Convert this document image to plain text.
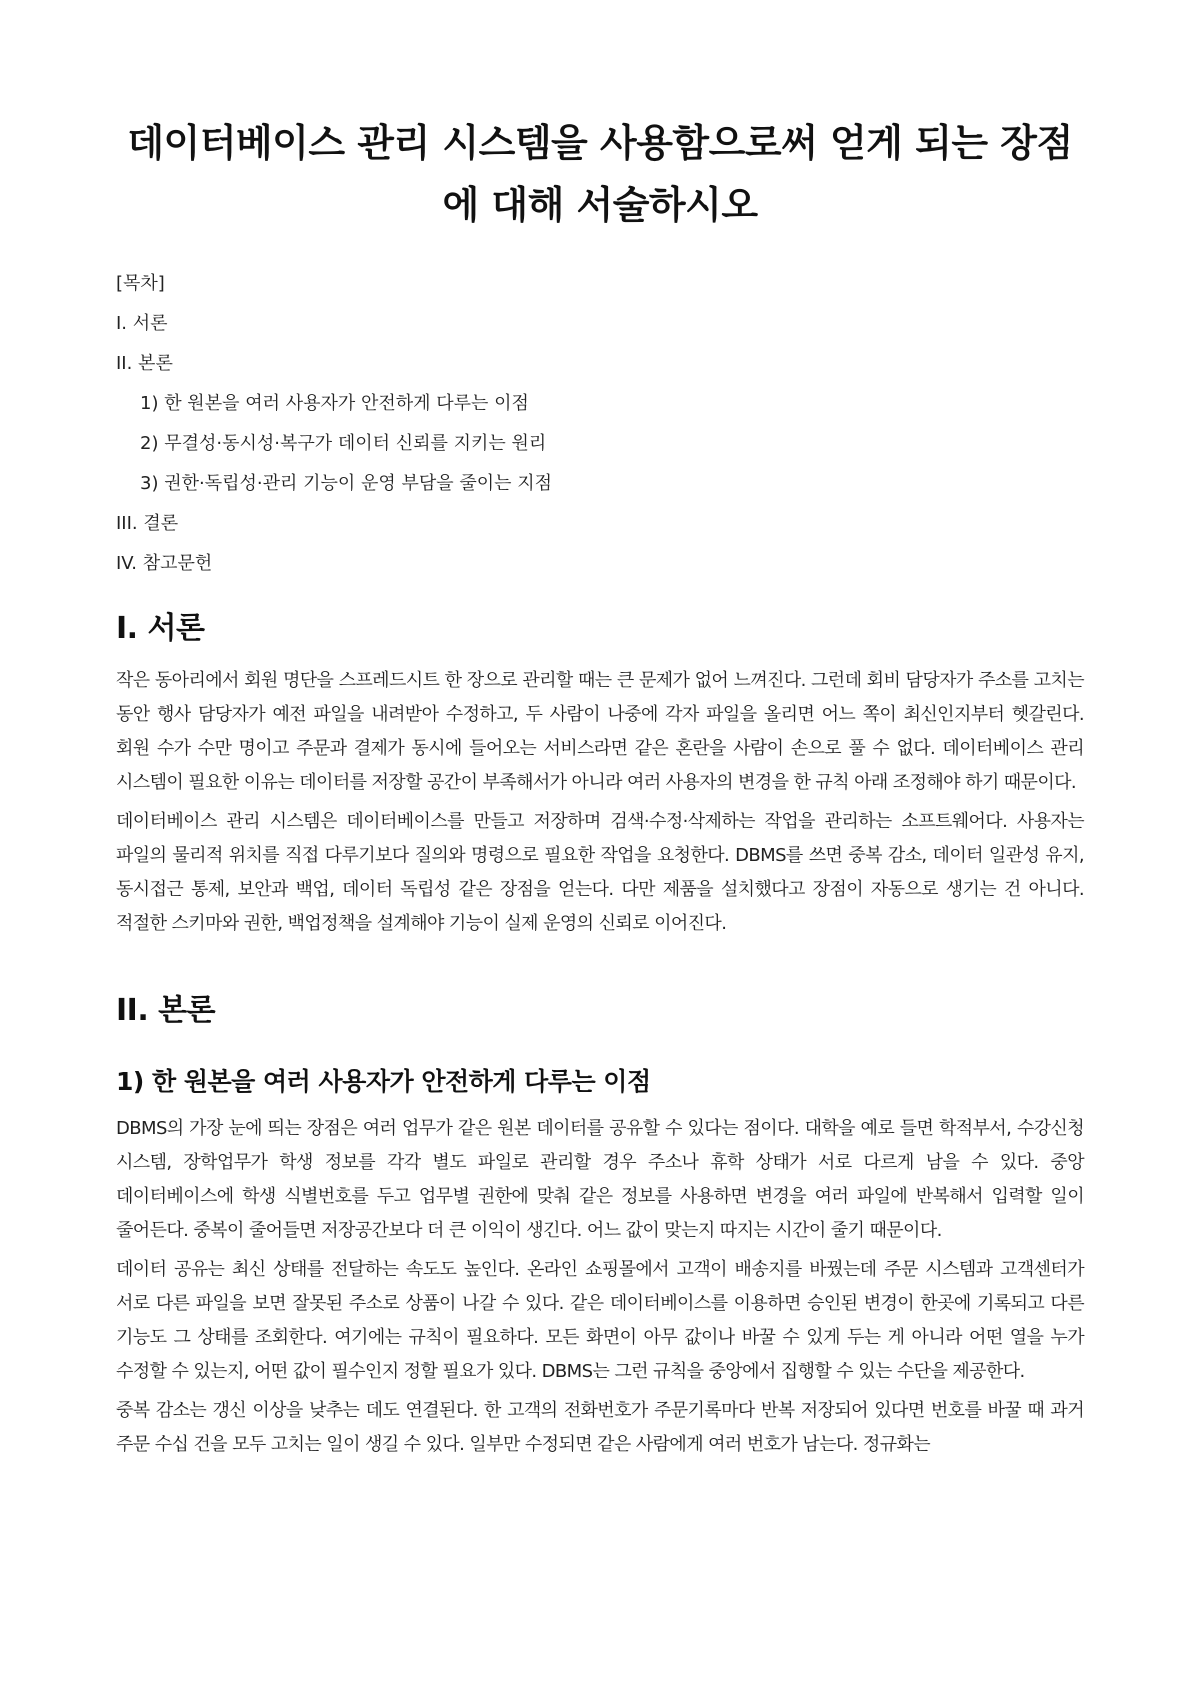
데이터베이스 관리 시스템을 사용함으로써 얻게 되는 장점에 대해 서술하시오
[목차]
I. 서론
II. 본론
1) 한 원본을 여러 사용자가 안전하게 다루는 이점
2) 무결성·동시성·복구가 데이터 신뢰를 지키는 원리
3) 권한·독립성·관리 기능이 운영 부담을 줄이는 지점
III. 결론
IV. 참고문헌
I. 서론

작은 동아리에서 회원 명단을 스프레드시트 한 장으로 관리할 때는 큰 문제가 없어 느껴진다. 그런데 회비 담당자가 주소를 고치는 동안 행사 담당자가 예전 파일을 내려받아 수정하고, 두 사람이 나중에 각자 파일을 올리면 어느 쪽이 최신인지부터 헷갈린다. 회원 수가 수만 명이고 주문과 결제가 동시에 들어오는 서비스라면 같은 혼란을 사람이 손으로 풀 수 없다. 데이터베이스 관리 시스템이 필요한 이유는 데이터를 저장할 공간이 부족해서가 아니라 여러 사용자의 변경을 한 규칙 아래 조정해야 하기 때문이다.

데이터베이스 관리 시스템은 데이터베이스를 만들고 저장하며 검색·수정·삭제하는 작업을 관리하는 소프트웨어다. 사용자는 파일의 물리적 위치를 직접 다루기보다 질의와 명령으로 필요한 작업을 요청한다. DBMS를 쓰면 중복 감소, 데이터 일관성 유지, 동시접근 통제, 보안과 백업, 데이터 독립성 같은 장점을 얻는다. 다만 제품을 설치했다고 장점이 자동으로 생기는 건 아니다. 적절한 스키마와 권한, 백업정책을 설계해야 기능이 실제 운영의 신뢰로 이어진다.

II. 본론
1) 한 원본을 여러 사용자가 안전하게 다루는 이점

DBMS의 가장 눈에 띄는 장점은 여러 업무가 같은 원본 데이터를 공유할 수 있다는 점이다. 대학을 예로 들면 학적부서, 수강신청 시스템, 장학업무가 학생 정보를 각각 별도 파일로 관리할 경우 주소나 휴학 상태가 서로 다르게 남을 수 있다. 중앙 데이터베이스에 학생 식별번호를 두고 업무별 권한에 맞춰 같은 정보를 사용하면 변경을 여러 파일에 반복해서 입력할 일이 줄어든다. 중복이 줄어들면 저장공간보다 더 큰 이익이 생긴다. 어느 값이 맞는지 따지는 시간이 줄기 때문이다.

데이터 공유는 최신 상태를 전달하는 속도도 높인다. 온라인 쇼핑몰에서 고객이 배송지를 바꿨는데 주문 시스템과 고객센터가 서로 다른 파일을 보면 잘못된 주소로 상품이 나갈 수 있다. 같은 데이터베이스를 이용하면 승인된 변경이 한곳에 기록되고 다른 기능도 그 상태를 조회한다. 여기에는 규칙이 필요하다. 모든 화면이 아무 값이나 바꿀 수 있게 두는 게 아니라 어떤 열을 누가 수정할 수 있는지, 어떤 값이 필수인지 정할 필요가 있다. DBMS는 그런 규칙을 중앙에서 집행할 수 있는 수단을 제공한다.

중복 감소는 갱신 이상을 낮추는 데도 연결된다. 한 고객의 전화번호가 주문기록마다 반복 저장되어 있다면 번호를 바꿀 때 과거 주문 수십 건을 모두 고치는 일이 생길 수 있다. 일부만 수정되면 같은 사람에게 여러 번호가 남는다. 정규화는
